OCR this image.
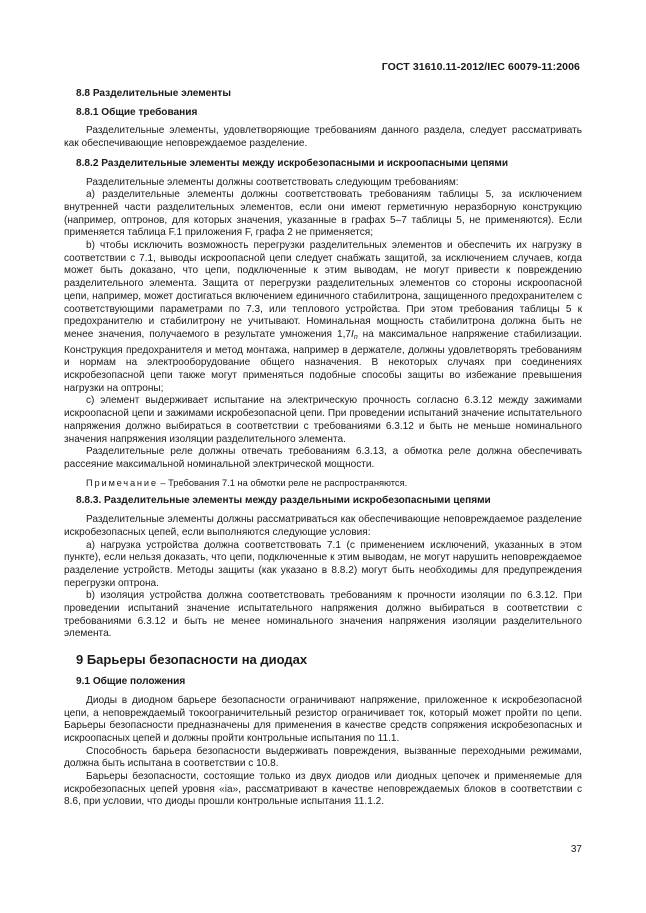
ГОСТ 31610.11-2012/IEC 60079-11:2006

8.8 Разделительные элементы

8.8.1 Общие требования

Разделительные элементы, удовлетворяющие требованиям данного раздела, следует рассматривать как обеспечивающие неповреждаемое разделение.

8.8.2 Разделительные элементы между искробезопасными и искроопасными цепями

Разделительные элементы должны соответствовать следующим требованиям:

а) разделительные элементы должны соответствовать требованиям таблицы 5, за исключением внутренней части разделительных элементов, если они имеют герметичную неразборную конструкцию (например, оптронов, для которых значения, указанные в графах 5–7 таблицы 5, не применяются). Если применяется таблица F.1 приложения F, графа 2 не применяется;

b) чтобы исключить возможность перегрузки разделительных элементов и обеспечить их нагрузку в соответствии с 7.1, выводы искроопасной цепи следует снабжать защитой, за исключением случаев, когда может быть доказано, что цепи, подключенные к этим выводам, не могут привести к повреждению разделительного элемента. Защита от перегрузки разделительных элементов со стороны искроопасной цепи, например, может достигаться включением единичного стабилитрона, защищенного предохранителем с соответствующими параметрами по 7.3, или теплового устройства. При этом требования таблицы 5 к предохранителю и стабилитрону не учитывают. Номинальная мощность стабилитрона должна быть не менее значения, получаемого в результате умножения 1,7In на максимальное напряжение стабилизации. Конструкция предохранителя и метод монтажа, например в держателе, должны удовлетворять требованиям и нормам на электрооборудование общего назначения. В некоторых случаях при соединениях искробезопасной цепи также могут применяться подобные способы защиты во избежание превышения нагрузки на оптроны;

с) элемент выдерживает испытание на электрическую прочность согласно 6.3.12 между зажимами искроопасной цепи и зажимами искробезопасной цепи. При проведении испытаний значение испытательного напряжения должно выбираться в соответствии с требованиями 6.3.12 и быть не меньше номинального значения напряжения изоляции разделительного элемента.

Разделительные реле должны отвечать требованиям 6.3.13, а обмотка реле должна обеспечивать рассеяние максимальной номинальной электрической мощности.

Примечание – Требования 7.1 на обмотки реле не распространяются.

8.8.3. Разделительные элементы между раздельными искробезопасными цепями

Разделительные элементы должны рассматриваться как обеспечивающие неповреждаемое разделение искробезопасных цепей, если выполняются следующие условия:

а) нагрузка устройства должна соответствовать 7.1 (с применением исключений, указанных в этом пункте), если нельзя доказать, что цепи, подключенные к этим выводам, не могут нарушить неповреждаемое разделение устройств. Методы защиты (как указано в 8.8.2) могут быть необходимы для предупреждения перегрузки оптрона.

b) изоляция устройства должна соответствовать требованиям к прочности изоляции по 6.3.12. При проведении испытаний значение испытательного напряжения должно выбираться в соответствии с требованиями 6.3.12 и быть не менее номинального значения напряжения изоляции разделительного элемента.

9 Барьеры безопасности на диодах

9.1 Общие положения

Диоды в диодном барьере безопасности ограничивают напряжение, приложенное к искробезопасной цепи, а неповреждаемый токоограничительный резистор ограничивает ток, который может пройти по цепи. Барьеры безопасности предназначены для применения в качестве средств сопряжения искробезопасных и искроопасных цепей и должны пройти контрольные испытания по 11.1.

Способность барьера безопасности выдерживать повреждения, вызванные переходными режимами, должна быть испытана в соответствии с 10.8.

Барьеры безопасности, состоящие только из двух диодов или диодных цепочек и применяемые для искробезопасных цепей уровня «ia», рассматривают в качестве неповреждаемых блоков в соответствии с 8.6, при условии, что диоды прошли контрольные испытания 11.1.2.

37
